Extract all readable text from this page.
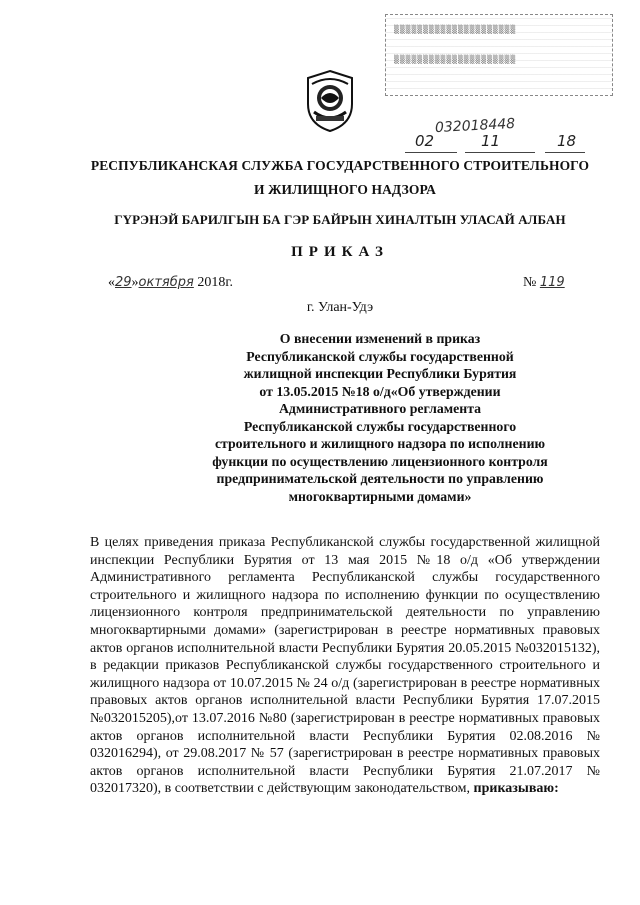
▒▒▒▒▒▒▒▒▒▒▒▒▒▒▒▒▒▒▒▒▒
▒▒▒▒▒▒▒▒▒▒▒▒▒▒▒▒▒▒▒▒▒
032018448
02	11	18
РЕСПУБЛИКАНСКАЯ СЛУЖБА ГОСУДАРСТВЕННОГО СТРОИТЕЛЬНОГО
И ЖИЛИЩНОГО НАДЗОРА
ГYРЭНЭЙ БАРИЛГЫН БА ГЭР БАЙРЫН ХИНАЛТЫН УЛАСАЙ АЛБАН
ПРИКАЗ
«29»октября 2018г.	№ 119
г. Улан-Удэ
О внесении изменений в приказ
Республиканской службы государственной
жилищной инспекции Республики Бурятия
от 13.05.2015 №18 о/д«Об утверждении
Административного регламента
Республиканской службы государственного
строительного и жилищного надзора по исполнению
функции по осуществлению лицензионного контроля
предпринимательской деятельности по управлению
многоквартирными домами»
В целях приведения приказа Республиканской службы государственной жилищной инспекции Республики Бурятия от 13 мая 2015 №18 о/д «Об утверждении Административного регламента Республиканской службы государственного строительного и жилищного надзора по исполнению функции по осуществлению лицензионного контроля предпринимательской деятельности по управлению многоквартирными домами» (зарегистрирован в реестре нормативных правовых актов органов исполнительной власти Республики Бурятия 20.05.2015 №032015132), в редакции приказов Республиканской службы государственного строительного и жилищного надзора от 10.07.2015 № 24 о/д (зарегистрирован в реестре нормативных правовых актов органов исполнительной власти Республики Бурятия 17.07.2015 №032015205),от 13.07.2016 №80 (зарегистрирован в реестре нормативных правовых актов органов исполнительной власти Республики Бурятия 02.08.2016 № 032016294), от 29.08.2017 № 57 (зарегистрирован в реестре нормативных правовых актов органов исполнительной власти Республики Бурятия 21.07.2017 № 032017320), в соответствии с действующим законодательством, приказываю:
